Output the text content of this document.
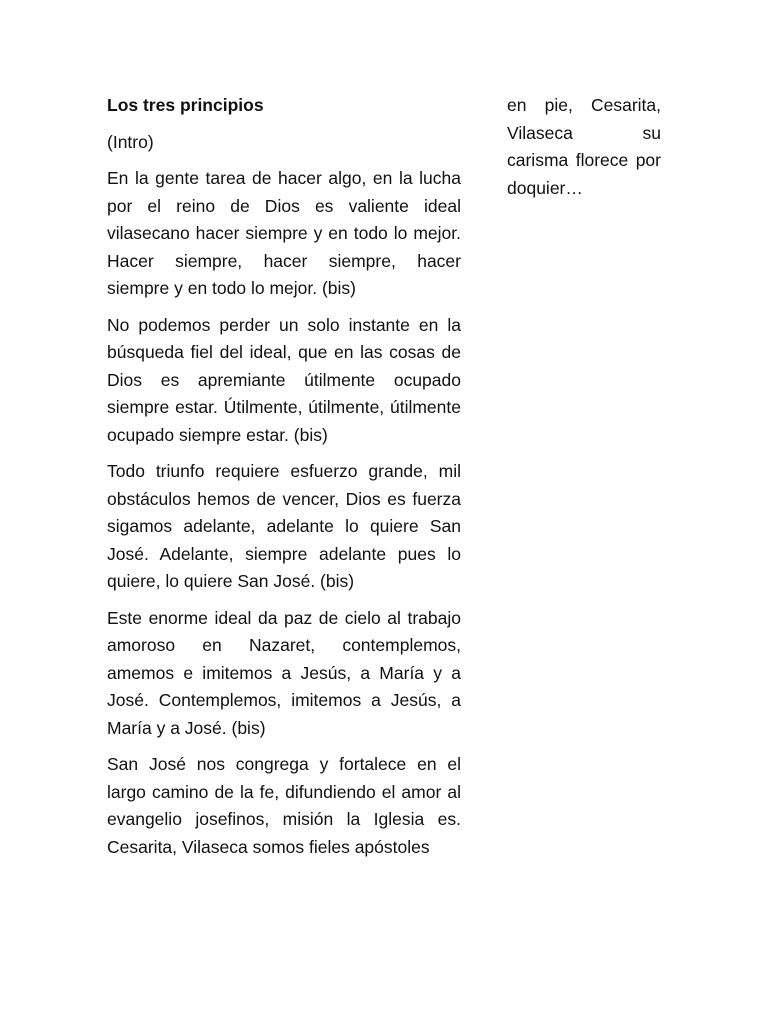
Los tres principios

(Intro)

En la gente tarea de hacer algo, en la lucha por el reino de Dios es valiente ideal vilasecano hacer siempre y en todo lo mejor. Hacer siempre, hacer siempre, hacer siempre y en todo lo mejor. (bis)

No podemos perder un solo instante en la búsqueda fiel del ideal, que en las cosas de Dios es apremiante útilmente ocupado siempre estar. Útilmente, útilmente, útilmente ocupado siempre estar. (bis)

Todo triunfo requiere esfuerzo grande, mil obstáculos hemos de vencer, Dios es fuerza sigamos adelante, adelante lo quiere San José. Adelante, siempre adelante pues lo quiere, lo quiere San José. (bis)

Este enorme ideal da paz de cielo al trabajo amoroso en Nazaret, contemplemos, amemos e imitemos a Jesús, a María y a José. Contemplemos, imitemos a Jesús, a María y a José. (bis)

San José nos congrega y fortalece en el largo camino de la fe, difundiendo el amor al evangelio josefinos, misión la Iglesia es. Cesarita, Vilaseca somos fieles apóstoles

en pie, Cesarita, Vilaseca su carisma florece por doquier…
